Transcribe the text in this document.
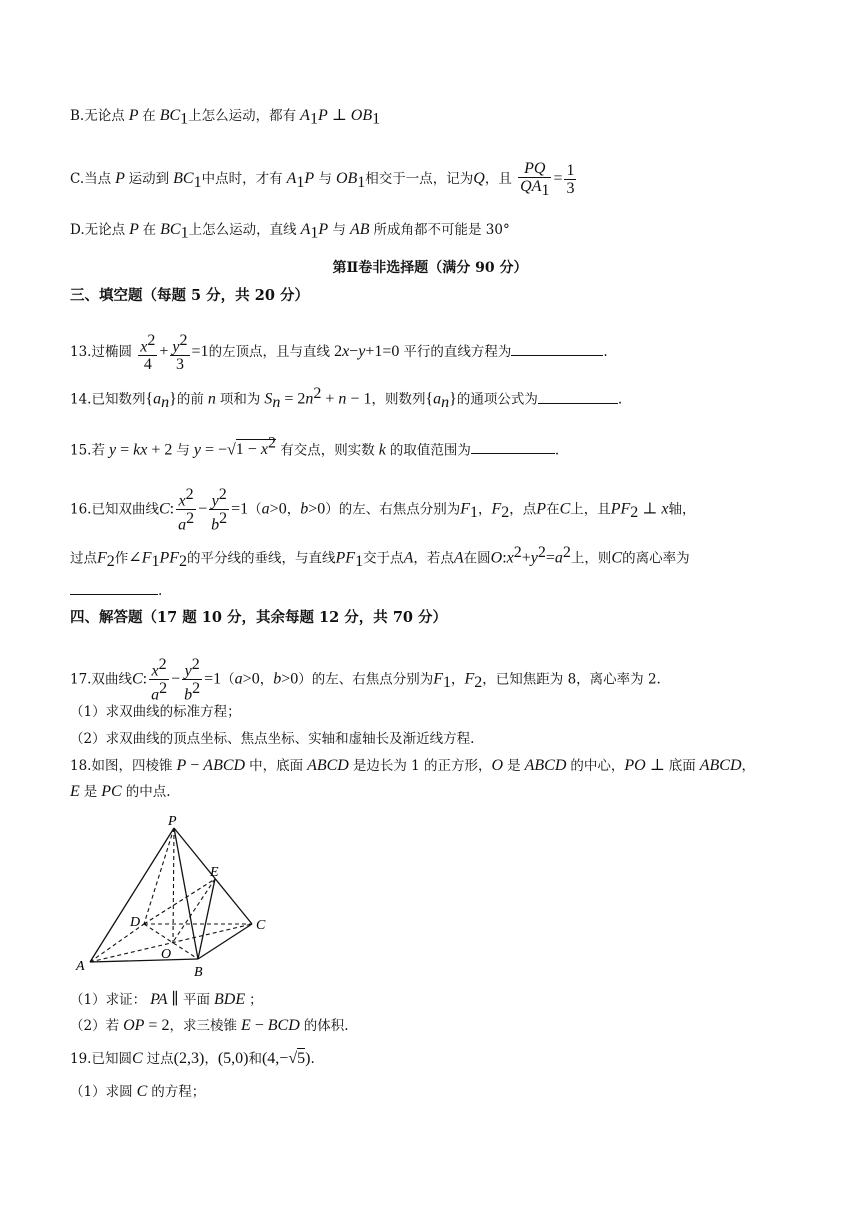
B.无论点 P 在 $BC_1$上怎么运动，都有 $A_1P$ ⊥ $OB_1$
C.当点 P 运动到 $BC_1$中点时，才有 $A_1P$ 与 $OB_1$相交于一点，记为Q，且 $\frac{PQ}{QA_1} = \frac{1}{3}$
D.无论点 P 在 $BC_1$上怎么运动，直线 $A_1P$ 与 AB 所成角都不可能是 30°
第Ⅱ卷非选择题（满分 90 分）
三、填空题（每题 5 分，共 20 分）
13.过椭圆 $\frac{x^2}{4} + \frac{y^2}{3} =1$的左顶点，且与直线 2x−y+1=0 平行的直线方程为	.
14.已知数列$\{a_n\}$的前 n 项和为 $S_n = 2n^2 + n - 1$，则数列$\{a_n\}$的通项公式为	.
15.若 y = kx + 2 与 $y = -√1 - x^2$ 有交点，则实数 k 的取值范围为	.
16.已知双曲线C: $\frac{x^2}{a^2} - \frac{y^2}{b^2} =1(a>0$，b>0）的左、右焦点分别为$F_1$，$F_2$，点P在C上，且$PF_2$ ⊥ x轴，
过点$F_2$作$\angle F_1PF_2$的平分线的垂线，与直线$PF_1$交于点A，若点A在圆$O:x^2+y^2=a^2$上，则C的离心率为
.
四、解答题（17 题 10 分，其余每题 12 分，共 70 分）
17.双曲线C: $\frac{x^2}{a^2} - \frac{y^2}{b^2} =1(a>0$，b>0）的左、右焦点分别为$F_1$，$F_2$，已知焦距为 8，离心率为 2.
（1）求双曲线的标准方程；
（2）求双曲线的顶点坐标、焦点坐标、实轴和虚轴长及渐近线方程.
18.如图，四棱锥 P − ABCD 中，底面 ABCD 是边长为 1 的正方形，O 是 ABCD 的中心，PO ⊥ 底面 ABCD，
E 是 PC 的中点.
P
E
D	C
O
A	B
（1）求证： PA ∥ 平面 BDE ；
（2）若 OP = 2，求三棱锥 E − BCD 的体积.
19.已知圆C 过点(2,3)，(5,0)和(4,−√5).
（1）求圆 C 的方程；
